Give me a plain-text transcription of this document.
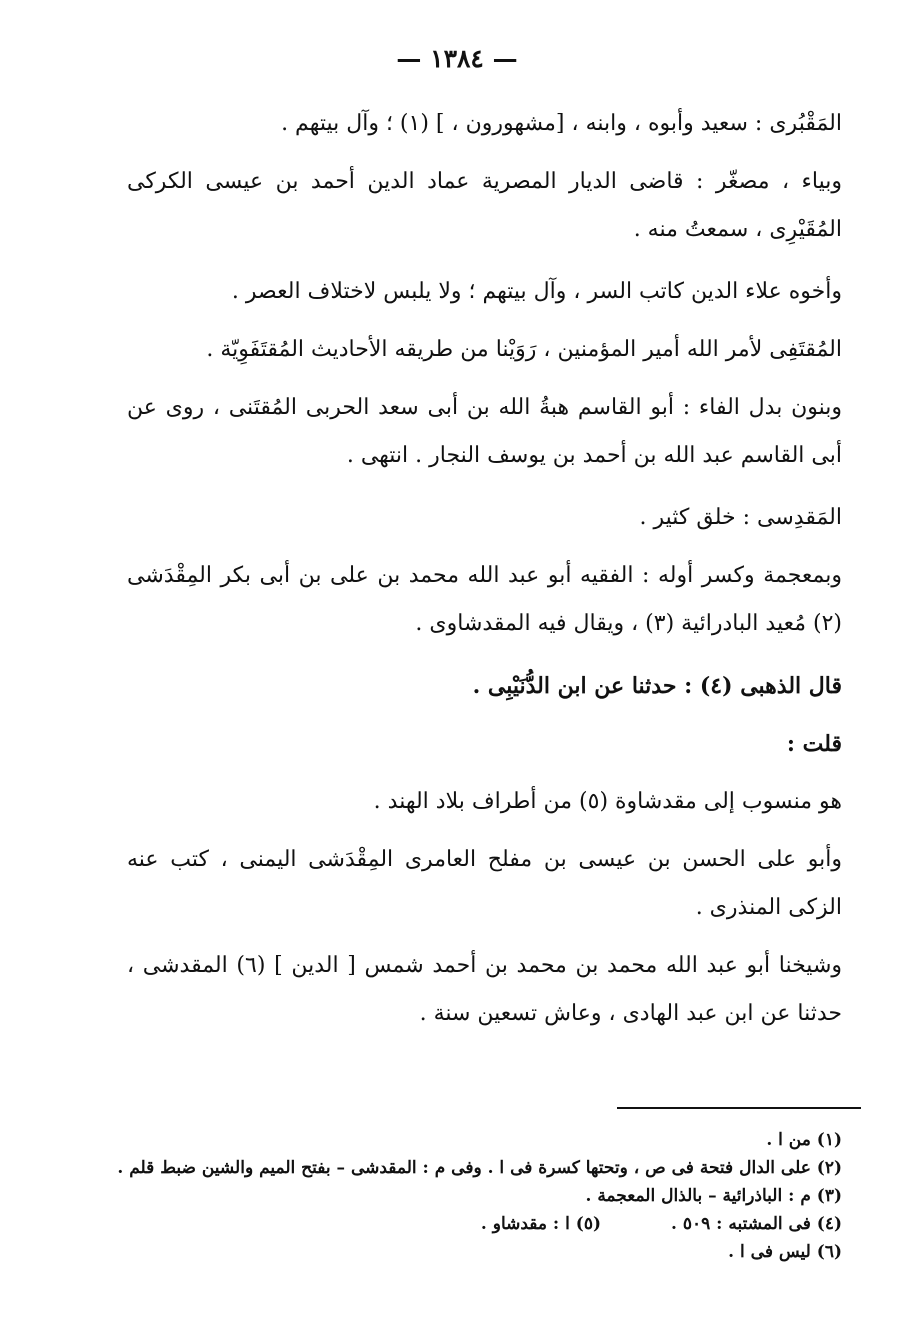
— ١٣٨٤ —

المَقْبُرى : سعيد وأبوه ، وابنه ، [مشهورون ، ] (١) ؛ وآل بيتهم .

وبياء ، مصغّر : قاضى الديار المصرية عماد الدين أحمد بن عيسى الكركى المُقَيْرِى ، سمعتُ منه .

وأخوه علاء الدين كاتب السر ، وآل بيتهم ؛ ولا يلبس لاختلاف العصر .

المُقتَفِى لأمر الله أمير المؤمنين ، رَوَيْنا من طريقه الأحاديث المُقتَفَوِيّة .

وبنون بدل الفاء : أبو القاسم هبةُ الله بن أبى سعد الحربى المُقتَنى ، روى عن أبى القاسم عبد الله بن أحمد بن يوسف النجار . انتهى .

المَقدِسى : خلق كثير .

وبمعجمة وكسر أوله : الفقيه أبو عبد الله محمد بن على بن أبى بكر المِقْدَشى (٢) مُعيد البادرائية (٣) ، ويقال فيه المقدشاوى .

قال الذهبى (٤) : حدثنا عن ابن الدُّنَيْبِى .

قلت :

هو منسوب إلى مقدشاوة (٥) من أطراف بلاد الهند .

وأبو على الحسن بن عيسى بن مفلح العامرى المِقْدَشى اليمنى ، كتب عنه الزكى المنذرى .

وشيخنا أبو عبد الله محمد بن محمد بن أحمد شمس [ الدين ] (٦) المقدشى ، حدثنا عن ابن عبد الهادى ، وعاش تسعين سنة .

(١) من ا .

(٢) على الدال فتحة فى ص ، وتحتها كسرة فى ا . وفى م : المقدشى – بفتح الميم والشين ضبط قلم .

(٣) م : الباذرائية – بالذال المعجمة .

(٤) فى المشتبه : ٥٠٩ .

(٥) ا : مقدشاو .

(٦) ليس فى ا .
